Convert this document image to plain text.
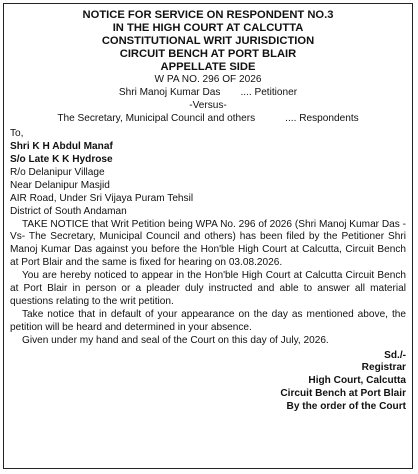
NOTICE FOR SERVICE ON RESPONDENT NO.3
IN THE HIGH COURT AT CALCUTTA
CONSTITUTIONAL WRIT JURISDICTION
CIRCUIT BENCH AT PORT BLAIR
APPELLATE SIDE
W PA NO. 296 OF 2026
Shri Manoj Kumar Das .... Petitioner
-Versus-
The Secretary, Municipal Council and others	.... Respondents
To,
Shri K H Abdul Manaf
S/o Late K K Hydrose
R/o Delanipur Village
Near Delanipur Masjid
AIR Road, Under Sri Vijaya Puram Tehsil
District of South Andaman
TAKE NOTICE that Writ Petition being WPA No. 296 of 2026 (Shri Manoj Kumar Das -Vs- The Secretary, Municipal Council and others) has been filed by the Petitioner Shri Manoj Kumar Das against you before the Hon'ble High Court at Calcutta, Circuit Bench at Port Blair and the same is fixed for hearing on 03.08.2026.
You are hereby noticed to appear in the Hon'ble High Court at Calcutta Circuit Bench at Port Blair in person or a pleader duly instructed and able to answer all material questions relating to the writ petition.
Take notice that in default of your appearance on the day as mentioned above, the petition will be heard and determined in your absence.
Given under my hand and seal of the Court on this day of July, 2026.
Sd./-
Registrar
High Court, Calcutta
Circuit Bench at Port Blair
By the order of the Court
